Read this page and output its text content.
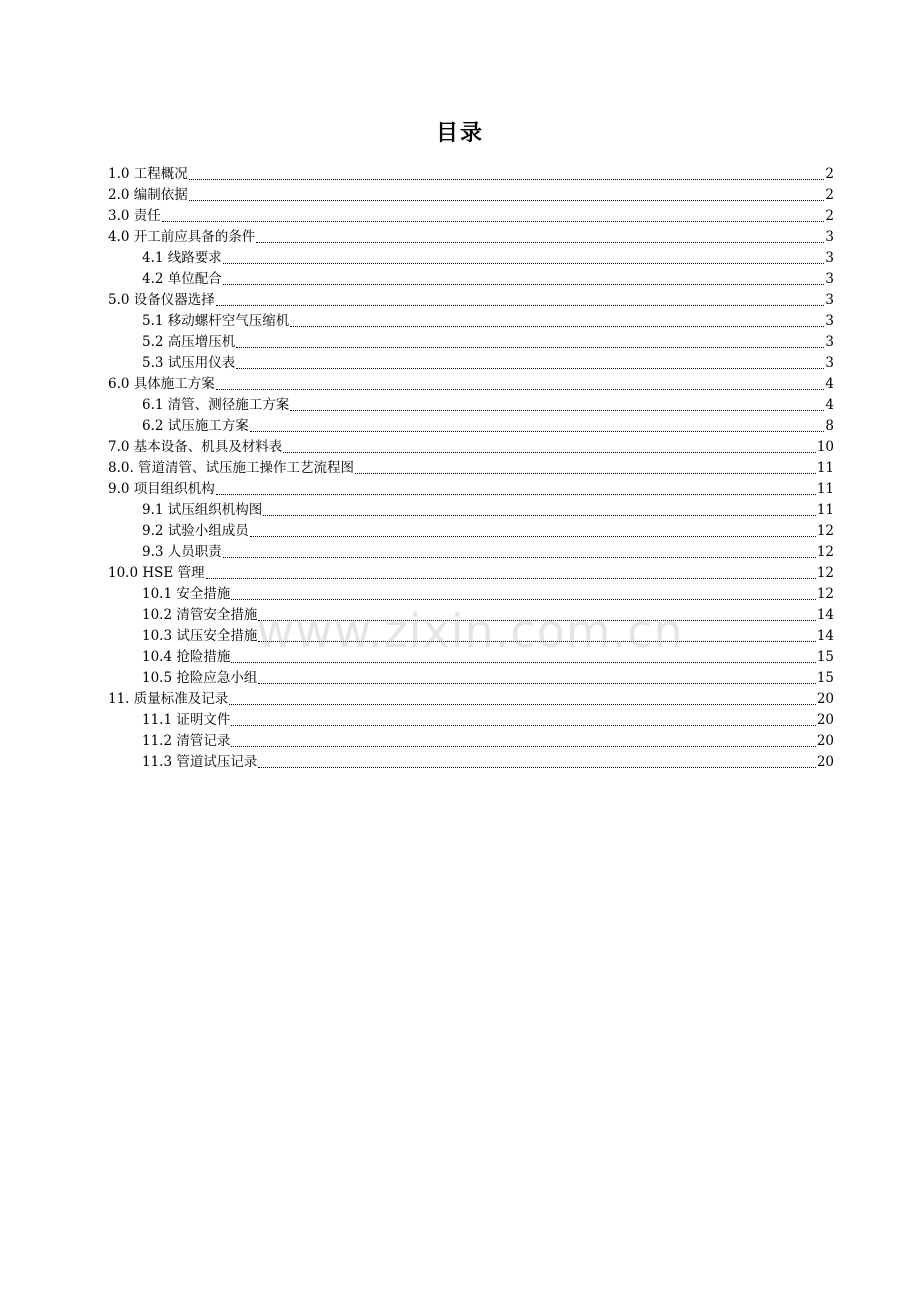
目录
1.0 工程概况	2
2.0 编制依据	2
3.0 责任	2
4.0 开工前应具备的条件	3
4.1 线路要求	3
4.2 单位配合	3
5.0 设备仪器选择	3
5.1 移动螺杆空气压缩机	3
5.2 高压增压机	3
5.3 试压用仪表	3
6.0 具体施工方案	4
6.1 清管、测径施工方案	4
6.2 试压施工方案	8
7.0 基本设备、机具及材料表	10
8.0. 管道清管、试压施工操作工艺流程图	11
9.0 项目组织机构	11
9.1 试压组织机构图	11
9.2 试验小组成员	12
9.3 人员职责	12
10.0 HSE 管理	12
10.1 安全措施	12
10.2 清管安全措施	14
10.3 试压安全措施	14
10.4 抢险措施	15
10.5 抢险应急小组	15
11. 质量标准及记录	20
11.1 证明文件	20
11.2 清管记录	20
11.3 管道试压记录	20
www.zixin.com.cn
